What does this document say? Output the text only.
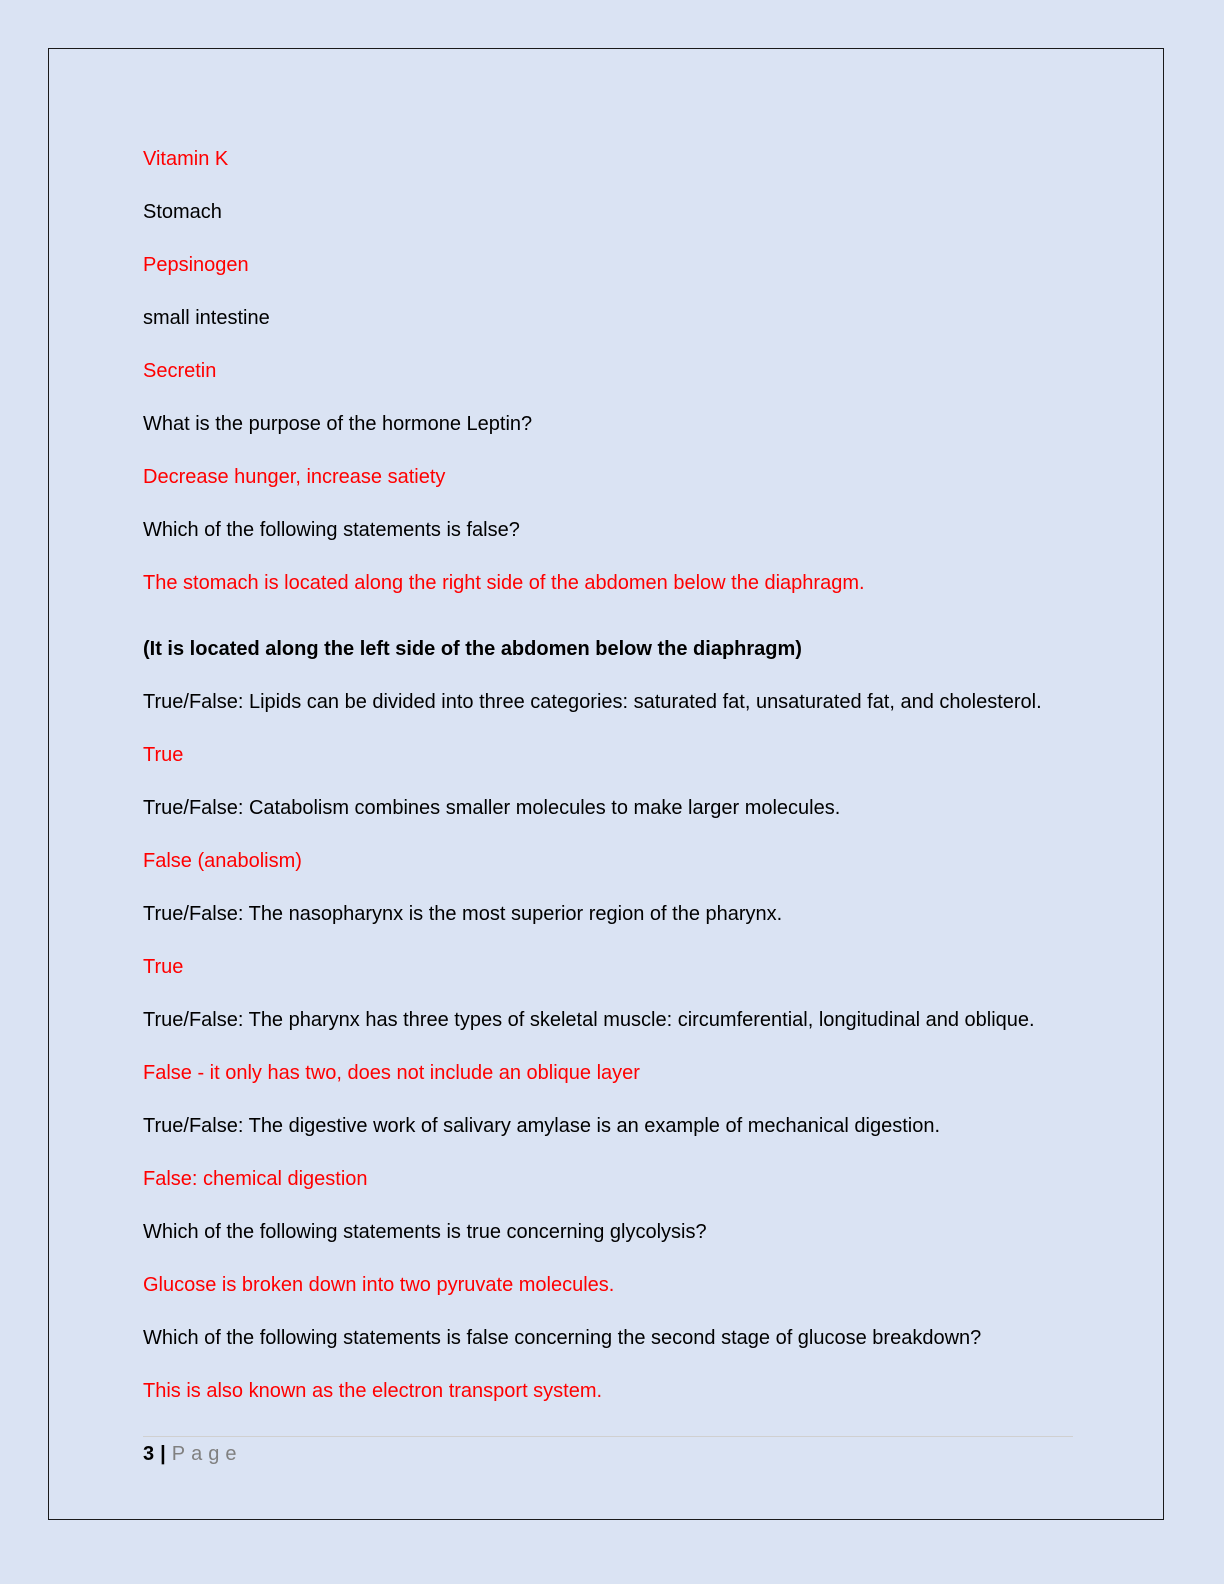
Vitamin K

Stomach

Pepsinogen

small intestine

Secretin

What is the purpose of the hormone Leptin?

Decrease hunger, increase satiety

Which of the following statements is false?

The stomach is located along the right side of the abdomen below the diaphragm.

(It is located along the left side of the abdomen below the diaphragm)

True/False: Lipids can be divided into three categories: saturated fat, unsaturated fat, and cholesterol.

True

True/False: Catabolism combines smaller molecules to make larger molecules.

False (anabolism)

True/False: The nasopharynx is the most superior region of the pharynx.

True

True/False: The pharynx has three types of skeletal muscle: circumferential, longitudinal and oblique.

False - it only has two, does not include an oblique layer

True/False: The digestive work of salivary amylase is an example of mechanical digestion.

False: chemical digestion

Which of the following statements is true concerning glycolysis?

Glucose is broken down into two pyruvate molecules.

Which of the following statements is false concerning the second stage of glucose breakdown?

This is also known as the electron transport system.

3 | Page
